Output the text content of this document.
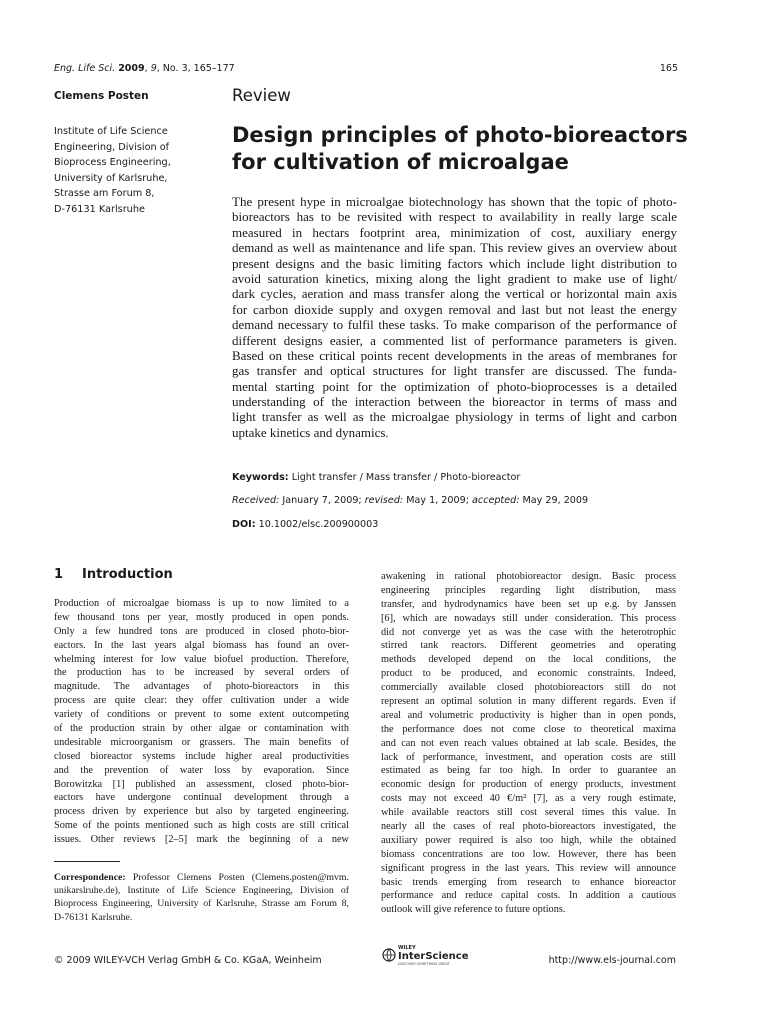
Eng. Life Sci. 2009, 9, No. 3, 165–177	165
Clemens Posten
Institute of Life Science
Engineering, Division of
Bioprocess Engineering,
University of Karlsruhe,
Strasse am Forum 8,
D-76131 Karlsruhe
Review
Design principles of photo-bioreactors
for cultivation of microalgae
The present hype in microalgae biotechnology has shown that the topic of photo-
bioreactors has to be revisited with respect to availability in really large scale
measured in hectars footprint area, minimization of cost, auxiliary energy
demand as well as maintenance and life span. This review gives an overview about
present designs and the basic limiting factors which include light distribution to
avoid saturation kinetics, mixing along the light gradient to make use of light/
dark cycles, aeration and mass transfer along the vertical or horizontal main axis
for carbon dioxide supply and oxygen removal and last but not least the energy
demand necessary to fulfil these tasks. To make comparison of the performance of
different designs easier, a commented list of performance parameters is given.
Based on these critical points recent developments in the areas of membranes for
gas transfer and optical structures for light transfer are discussed. The funda-
mental starting point for the optimization of photo-bioprocesses is a detailed
understanding of the interaction between the bioreactor in terms of mass and
light transfer as well as the microalgae physiology in terms of light and carbon
uptake kinetics and dynamics.
Keywords: Light transfer / Mass transfer / Photo-bioreactor
Received: January 7, 2009; revised: May 1, 2009; accepted: May 29, 2009
DOI: 10.1002/elsc.200900003
1 Introduction
Production of microalgae biomass is up to now limited to a
few thousand tons per year, mostly produced in open ponds.
Only a few hundred tons are produced in closed photo-bior-
eactors. In the last years algal biomass has found an over-
whelming interest for low value biofuel production. Therefore,
the production has to be increased by several orders of
magnitude. The advantages of photo-bioreactors in this
process are quite clear: they offer cultivation under a wide
variety of conditions or prevent to some extent outcompeting
of the production strain by other algae or contamination with
undesirable microorganism or grassers. The main benefits of
closed bioreactor systems include higher areal productivities
and the prevention of water loss by evaporation. Since
Borowitzka [1] published an assessment, closed photo-bior-
eactors have undergone continual development through a
process driven by experience but also by targeted engineering.
Some of the points mentioned such as high costs are still critical
issues. Other reviews [2–5] mark the beginning of a new
Correspondence: Professor Clemens Posten (Clemens.posten@mvm.
unikarslruhe.de), Institute of Life Science Engineering, Division of
Bioprocess Engineering, University of Karlsruhe, Strasse am Forum 8,
D-76131 Karlsruhe.
awakening in rational photobioreactor design. Basic process
engineering principles regarding light distribution, mass
transfer, and hydrodynamics have been set up e.g. by Janssen
[6], which are nowadays still under consideration. This process
did not converge yet as was the case with the heterotrophic
stirred tank reactors. Different geometries and operating
methods developed depend on the local conditions, the
product to be produced, and economic constraints. Indeed,
commercially available closed photobioreactors still do not
represent an optimal solution in many different regards. Even if
areal and volumetric productivity is higher than in open ponds,
the performance does not come close to theoretical maxima
and can not even reach values obtained at lab scale. Besides, the
lack of performance, investment, and operation costs are still
estimated as being far too high. In order to guarantee an
economic design for production of energy products, investment
costs may not exceed 40 €/m² [7], as a very rough estimate,
while available reactors still cost several times this value. In
nearly all the cases of real photo-bioreactors investigated, the
auxiliary power required is also too high, while the obtained
biomass concentrations are too low. However, there has been
significant progress in the last years. This review will announce
basic trends emerging from research to enhance bioreactor
performance and reduce capital costs. In addition a cautious
outlook will give reference to future options.
© 2009 WILEY-VCH Verlag GmbH & Co. KGaA, Weinheim
WILEY
InterScience
DISCOVER SOMETHING GREAT	http://www.els-journal.com
